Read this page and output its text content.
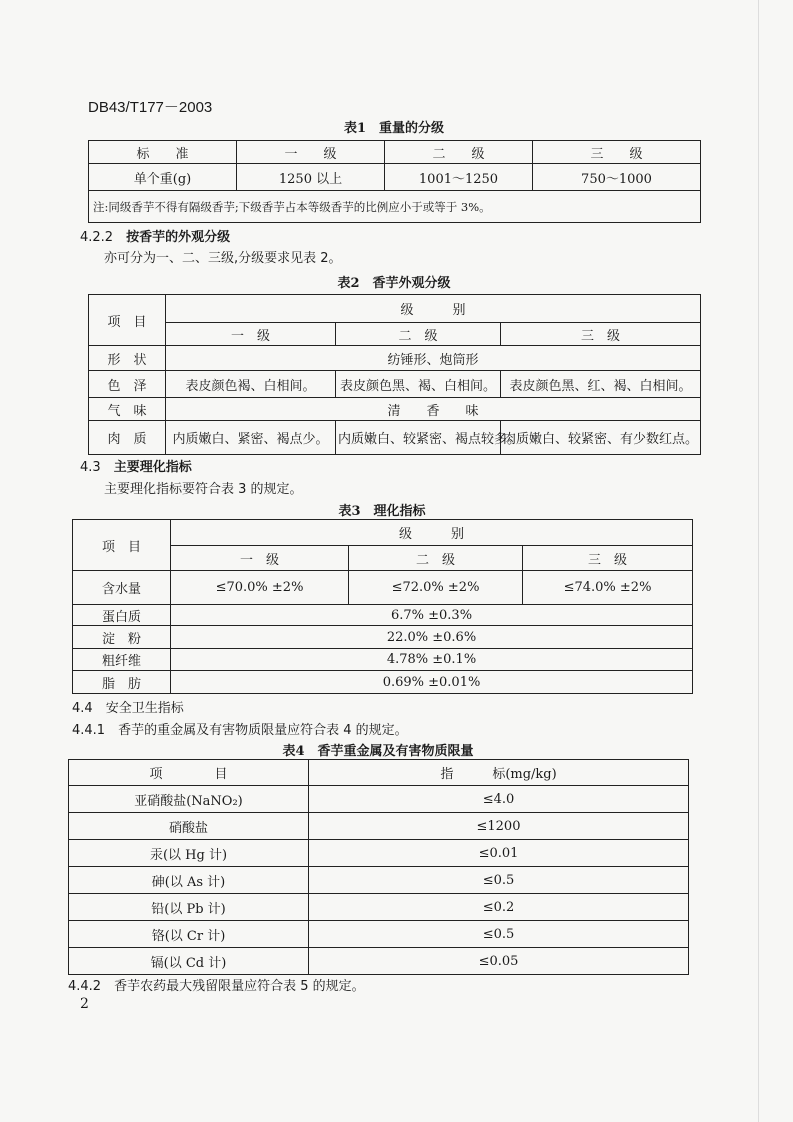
DB43/T177－2003
表1　重量的分级
标　　准	一　　级	二　　级	三　　级
单个重(g)	1250 以上	1001～1250	750～1000
注:同级香芋不得有隔级香芋;下级香芋占本等级香芋的比例应小于或等于 3%。			
4.2.2　 按香芋的外观分级
亦可分为一、二、三级,分级要求见表 2。
表2　香芋外观分级
项　目	级　　　别		
	一　级	二　级	三　级
形　状	纺锤形、炮筒形		
色　泽	表皮颜色褐、白相间。	表皮颜色黑、褐、白相间。	表皮颜色黑、红、褐、白相间。
气　味	清　　香　　味		
肉　质	内质嫩白、紧密、褐点少。	内质嫩白、较紧密、褐点较多。	肉质嫩白、较紧密、有少数红点。
4.3　 主要理化指标
主要理化指标要符合表 3 的规定。
表3　理化指标
项　目	级　　　别		
	一　级	二　级	三　级
含水量	≤70.0% ±2%	≤72.0% ±2%	≤74.0% ±2%
蛋白质	6.7% ±0.3%		
淀　粉	22.0% ±0.6%		
粗纤维	4.78% ±0.1%		
脂　肪	0.69% ±0.01%		
4.4　 安全卫生指标
4.4.1　 香芋的重金属及有害物质限量应符合表 4 的规定。
表4　香芋重金属及有害物质限量
项　　　　目	指　　　标(mg/kg)
亚硝酸盐(NaNO₂)	≤4.0
硝酸盐	≤1200
汞(以 Hg 计)	≤0.01
砷(以 As 计)	≤0.5
铅(以 Pb 计)	≤0.2
铬(以 Cr 计)	≤0.5
镉(以 Cd 计)	≤0.05
4.4.2　 香芋农药最大残留限量应符合表 5 的规定。
2
